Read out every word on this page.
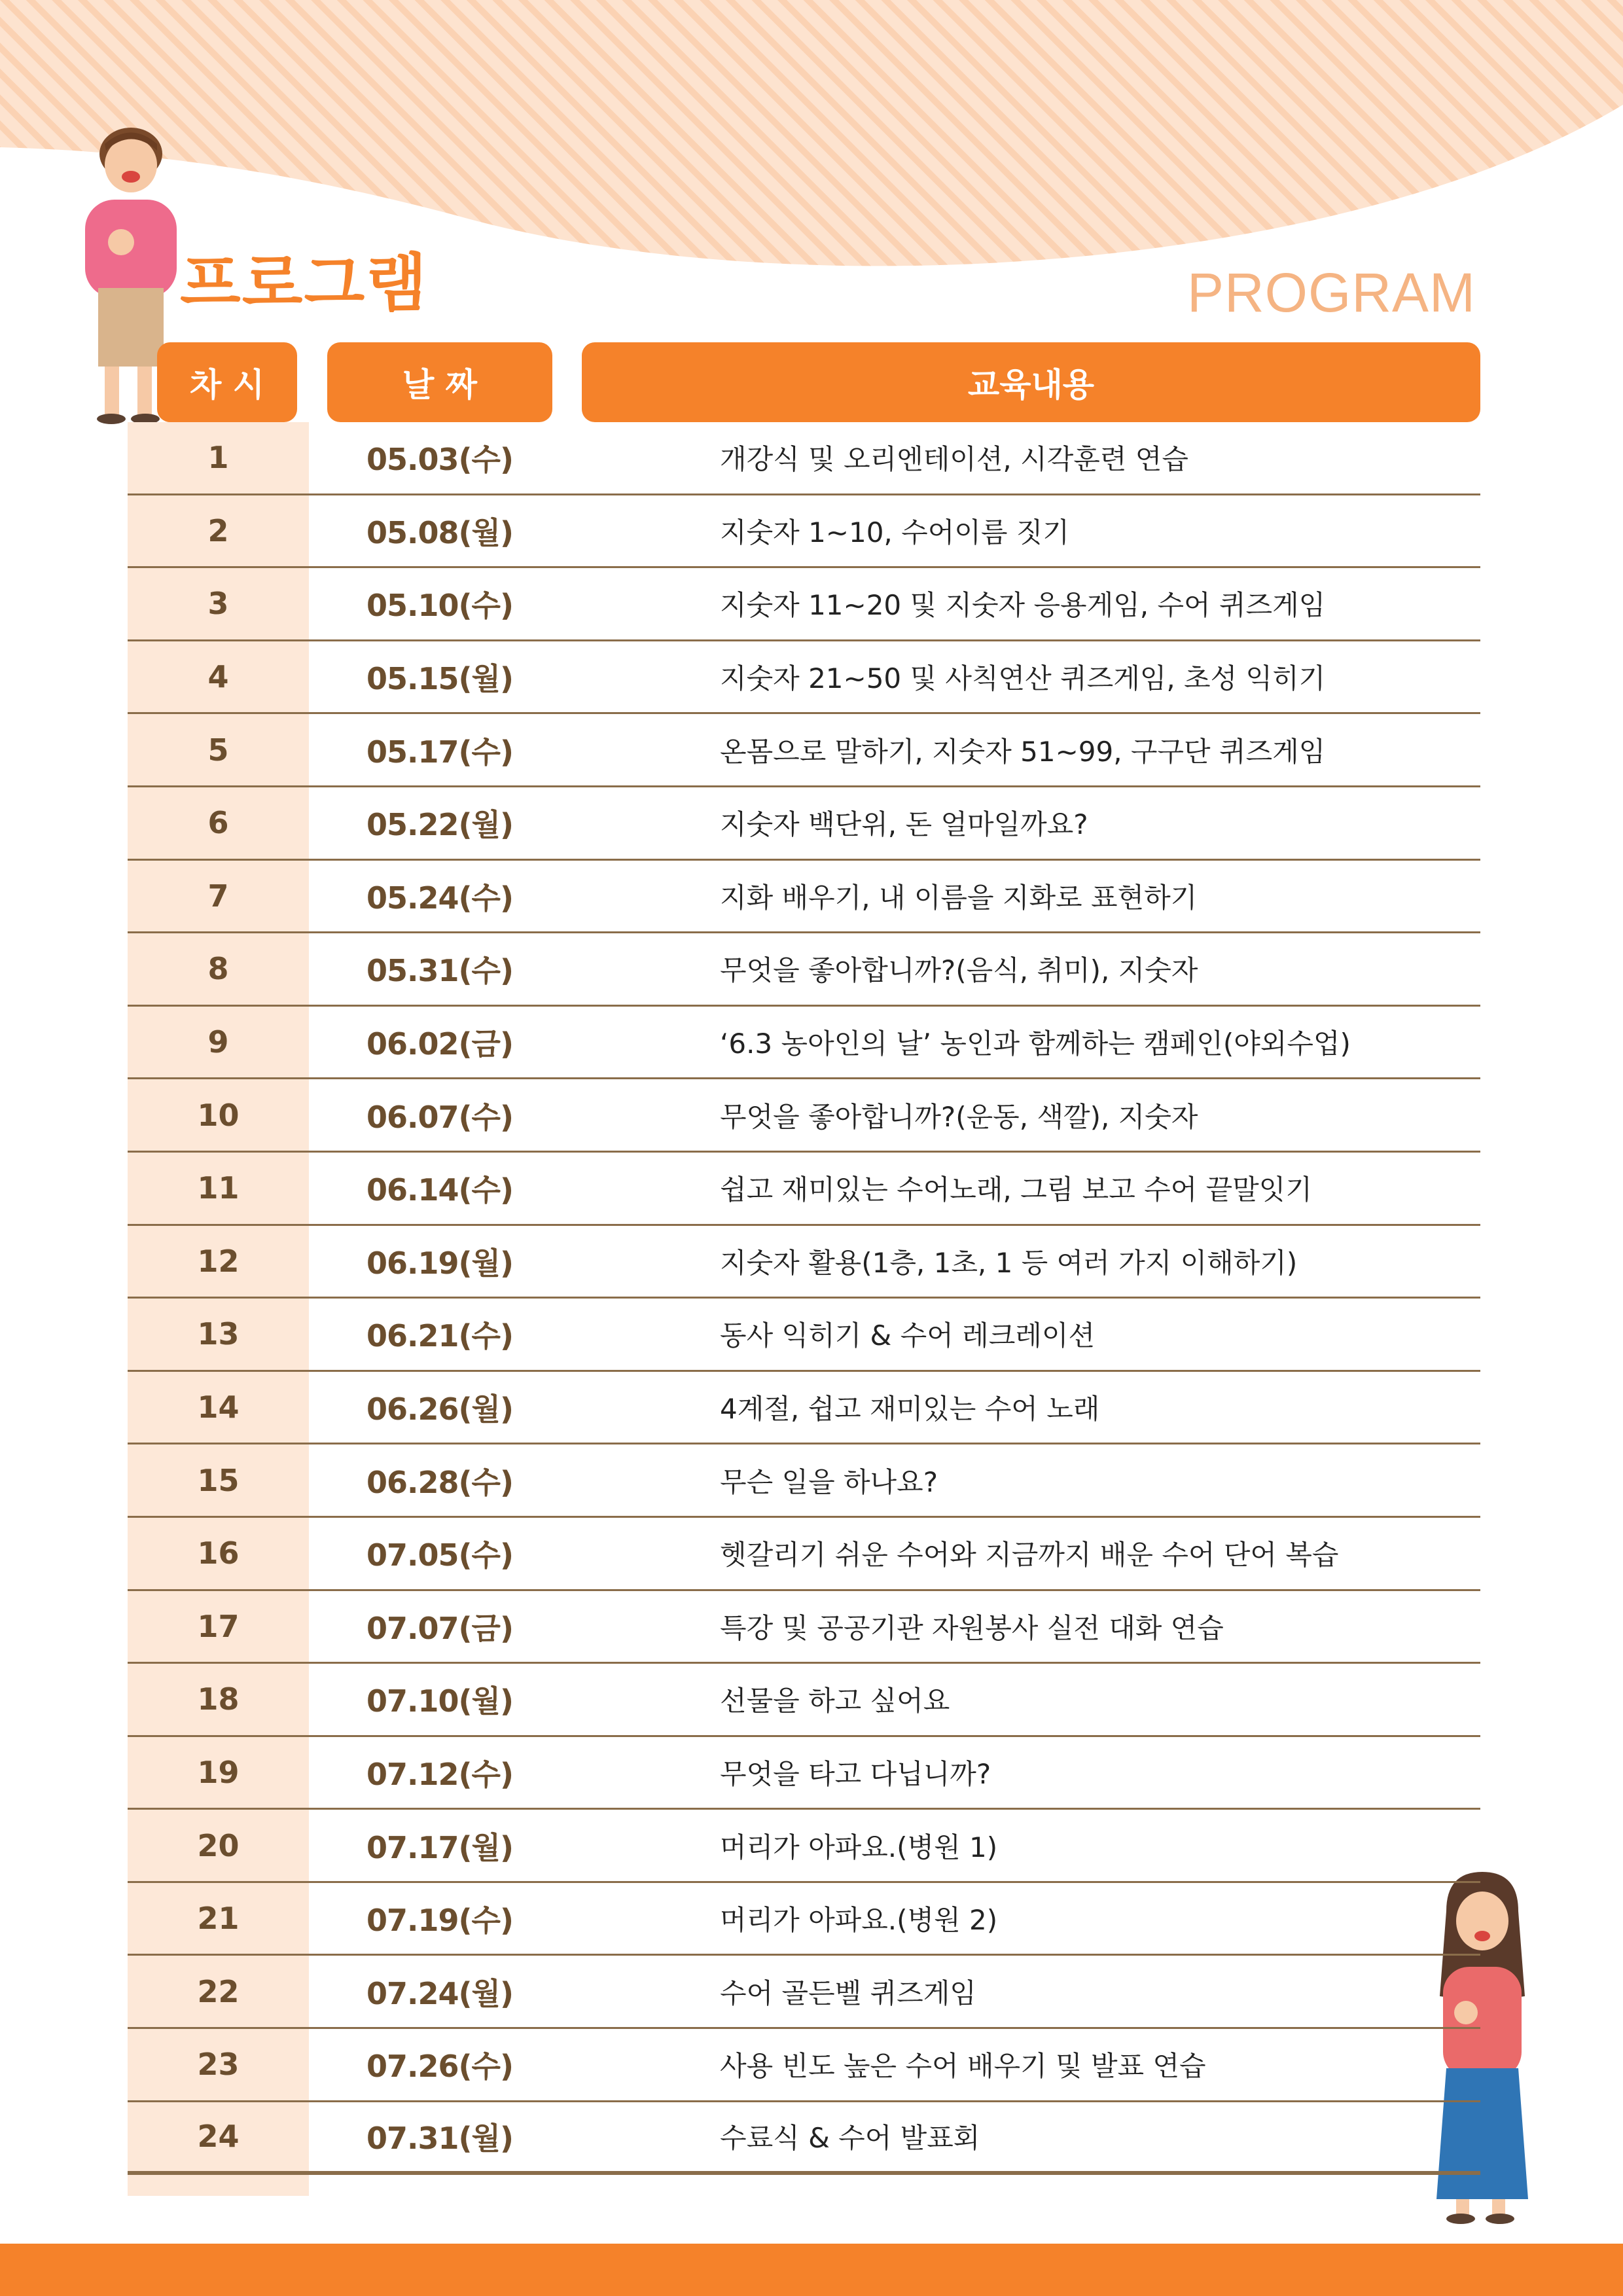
프로그램	PROGRAM
차 시	날 짜	교육내용
1	05.03(수)	개강식 및 오리엔테이션, 시각훈련 연습
2	05.08(월)	지숫자 1~10, 수어이름 짓기
3	05.10(수)	지숫자 11~20 및 지숫자 응용게임, 수어 퀴즈게임
4	05.15(월)	지숫자 21~50 및 사칙연산 퀴즈게임, 초성 익히기
5	05.17(수)	온몸으로 말하기, 지숫자 51~99, 구구단 퀴즈게임
6	05.22(월)	지숫자 백단위, 돈 얼마일까요?
7	05.24(수)	지화 배우기, 내 이름을 지화로 표현하기
8	05.31(수)	무엇을 좋아합니까?(음식, 취미), 지숫자
9	06.02(금)	‘6.3 농아인의 날’ 농인과 함께하는 캠페인(야외수업)
10	06.07(수)	무엇을 좋아합니까?(운동, 색깔), 지숫자
11	06.14(수)	쉽고 재미있는 수어노래, 그림 보고 수어 끝말잇기
12	06.19(월)	지숫자 활용(1층, 1초, 1 등 여러 가지 이해하기)
13	06.21(수)	동사 익히기 & 수어 레크레이션
14	06.26(월)	4계절, 쉽고 재미있는 수어 노래
15	06.28(수)	무슨 일을 하나요?
16	07.05(수)	헷갈리기 쉬운 수어와 지금까지 배운 수어 단어 복습
17	07.07(금)	특강 및 공공기관 자원봉사 실전 대화 연습
18	07.10(월)	선물을 하고 싶어요
19	07.12(수)	무엇을 타고 다닙니까?
20	07.17(월)	머리가 아파요.(병원 1)
21	07.19(수)	머리가 아파요.(병원 2)
22	07.24(월)	수어 골든벨 퀴즈게임
23	07.26(수)	사용 빈도 높은 수어 배우기 및 발표 연습
24	07.31(월)	수료식 & 수어 발표회
